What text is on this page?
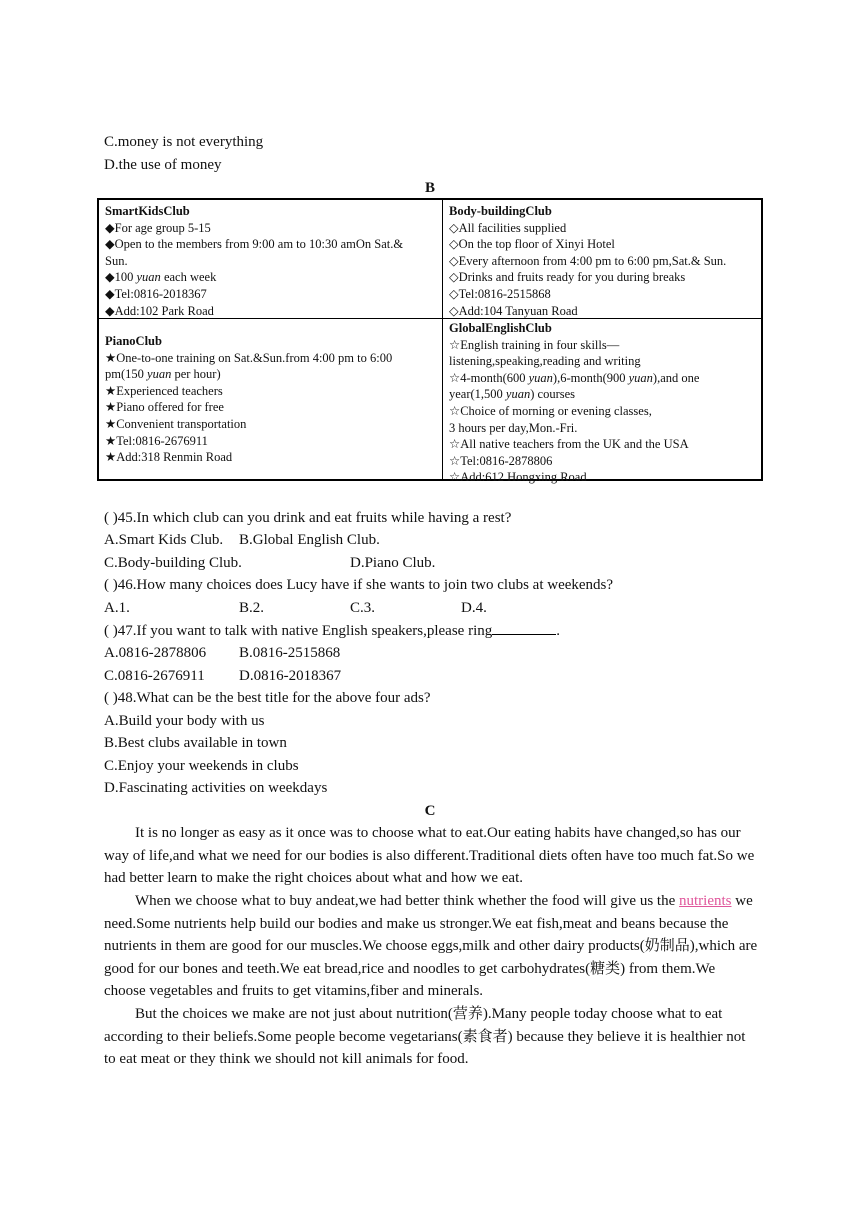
C.money is not everything
D.the use of money
B
SmartKidsClub
◆For age group 5-15
◆Open to the members from 9:00 am to 10:30 amOn Sat.&
Sun.
◆100 yuan each week
◆Tel:0816-2018367
◆Add:102 Park Road
Body-buildingClub
◇All facilities supplied
◇On the top floor of Xinyi Hotel
◇Every afternoon from 4:00 pm to 6:00 pm,Sat.& Sun.
◇Drinks and fruits ready for you during breaks
◇Tel:0816-2515868
◇Add:104 Tanyuan Road
PianoClub
★One-to-one training on Sat.&Sun.from 4:00 pm to 6:00
pm(150 yuan per hour)
★Experienced teachers
★Piano offered for free
★Convenient transportation
★Tel:0816-2676911
★Add:318 Renmin Road
GlobalEnglishClub
☆English training in four skills—
listening,speaking,reading and writing
☆4-month(600 yuan),6-month(900 yuan),and one
year(1,500 yuan) courses
☆Choice of morning or evening classes,
3 hours per day,Mon.-Fri.
☆All native teachers from the UK and the USA
☆Tel:0816-2878806
☆Add:612 Hongxing Road
( )45.In which club can you drink and eat fruits while having a rest?
A.Smart Kids Club. B.Global English Club.
C.Body-building Club.	D.Piano Club.
( )46.How many choices does Lucy have if she wants to join two clubs at weekends?
A.1.	B.2.	C.3.	D.4.
( )47.If you want to talk with native English speakers,please ring	.
A.0816-2878806 B.0816-2515868
C.0816-2676911 D.0816-2018367
( )48.What can be the best title for the above four ads?
A.Build your body with us
B.Best clubs available in town
C.Enjoy your weekends in clubs
D.Fascinating activities on weekdays
C
It is no longer as easy as it once was to choose what to eat.Our eating habits have changed,so has our way of life,and what we need for our bodies is also different.Traditional diets often have too much fat.So we had better learn to make the right choices about what and how we eat.
When we choose what to buy andeat,we had better think whether the food will give us the nutrients we need.Some nutrients help build our bodies and make us stronger.We eat fish,meat and beans because the nutrients in them are good for our muscles.We choose eggs,milk and other dairy products(奶制品),which are good for our bones and teeth.We eat bread,rice and noodles to get carbohydrates(糖类) from them.We choose vegetables and fruits to get vitamins,fiber and minerals.
But the choices we make are not just about nutrition(营养).Many people today choose what to eat according to their beliefs.Some people become vegetarians(素食者) because they believe it is healthier not to eat meat or they think we should not kill animals for food.
